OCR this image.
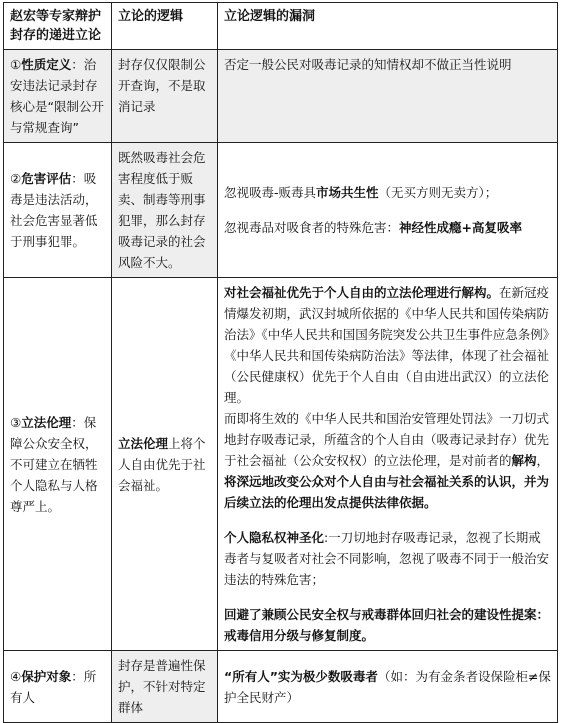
赵宏等专家辩护封存的递进立论	立论的逻辑	立论逻辑的漏洞
①性质定义：治安违法记录封存核心是“限制公开与常规查询”	封存仅仅限制公开查询，不是取消记录	否定一般公民对吸毒记录的知情权却不做正当性说明
②危害评估：吸毒是违法活动，社会危害显著低于刑事犯罪。	既然吸毒社会危害程度低于贩卖、制毒等刑事犯罪，那么封存吸毒记录的社会风险不大。	忽视吸毒-贩毒具市场共生性（无买方则无卖方）；

忽视毒品对吸食者的特殊危害：神经性成瘾+高复吸率

③立法伦理：保障公众安全权，不可建立在牺牲个人隐私与人格尊严上。	立法伦理上将个人自由优先于社会福祉。	对社会福祉优先于个人自由的立法伦理进行解构。在新冠疫情爆发初期，武汉封城所依据的《中华人民共和国传染病防治法》《中华人民共和国国务院突发公共卫生事件应急条例》《中华人民共和国传染病防治法》等法律，体现了社会福祉（公民健康权）优先于个人自由（自由进出武汉）的立法伦理。

而即将生效的《中华人民共和国治安管理处罚法》一刀切式地封存吸毒记录，所蕴含的个人自由（吸毒记录封存）优先于社会福祉（公众安权权）的立法伦理，是对前者的解构，将深远地改变公众对个人自由与社会福祉关系的认识，并为后续立法的伦理出发点提供法律依据。

个人隐私权神圣化:一刀切地封存吸毒记录，忽视了长期戒毒者与复吸者对社会不同影响，忽视了吸毒不同于一般治安违法的特殊危害；

回避了兼顾公民安全权与戒毒群体回归社会的建设性提案：戒毒信用分级与修复制度。

④保护对象：所有人	封存是普遍性保护，不针对特定群体	“所有人”实为极少数吸毒者（如：为有金条者设保险柜≠保护全民财产）
